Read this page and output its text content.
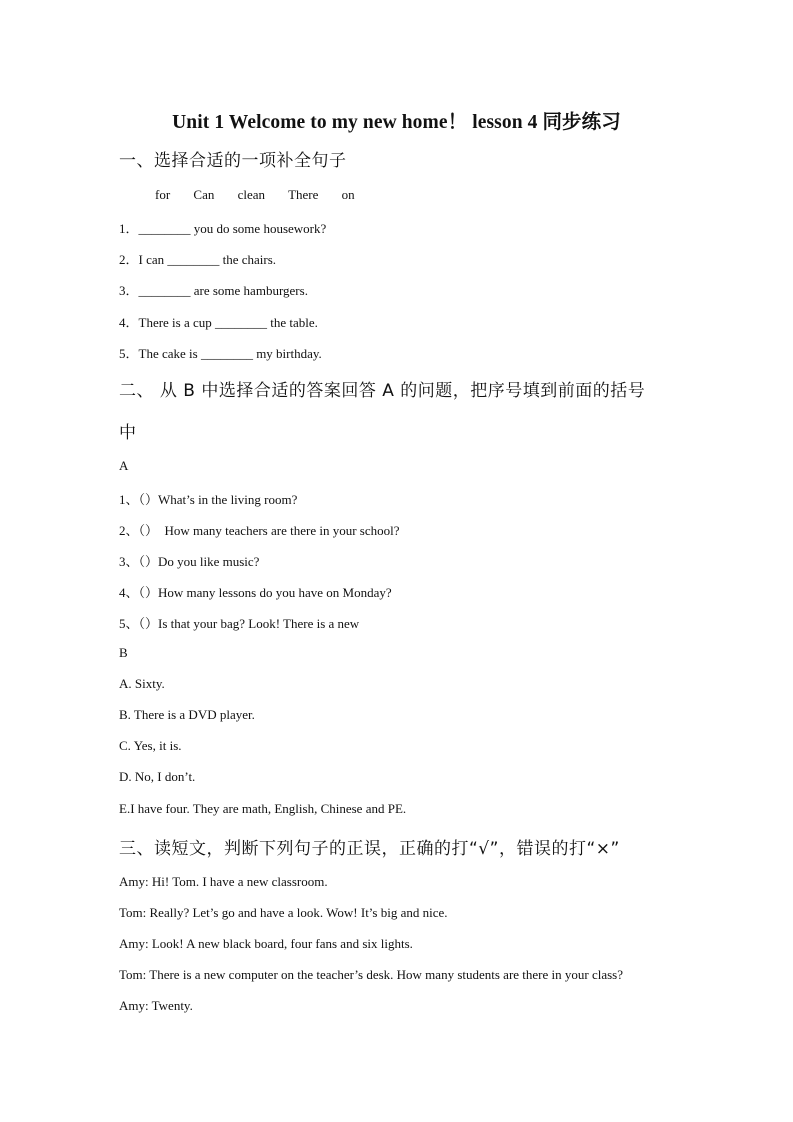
Unit 1 Welcome to my new home！ lesson 4 同步练习
一、选择合适的一项补全句子
for Can clean There on
1．________ you do some housework?
2．I can ________ the chairs.
3．________ are some hamburgers.
4．There is a cup ________ the table.
5．The cake is ________ my birthday.
二、 从 B 中选择合适的答案回答 A 的问题，把序号填到前面的括号
中
A
1、（）What’s in the living room?
2、（）  How many teachers are there in your school?
3、（）Do you like music?
4、（）How many lessons do you have on Monday?
5、（）Is that your bag? Look! There is a new
B
A. Sixty.
B. There is a DVD player.
C. Yes, it is.
D. No, I don’t.
E.I have four. They are math, English, Chinese and PE.
三、读短文，判断下列句子的正误，正确的打“√”，错误的打“×”
Amy: Hi! Tom. I have a new classroom.
Tom: Really? Let’s go and have a look. Wow! It’s big and nice.
Amy: Look! A new black board, four fans and six lights.
Tom: There is a new computer on the teacher’s desk. How many students are there in your class?
Amy: Twenty.
